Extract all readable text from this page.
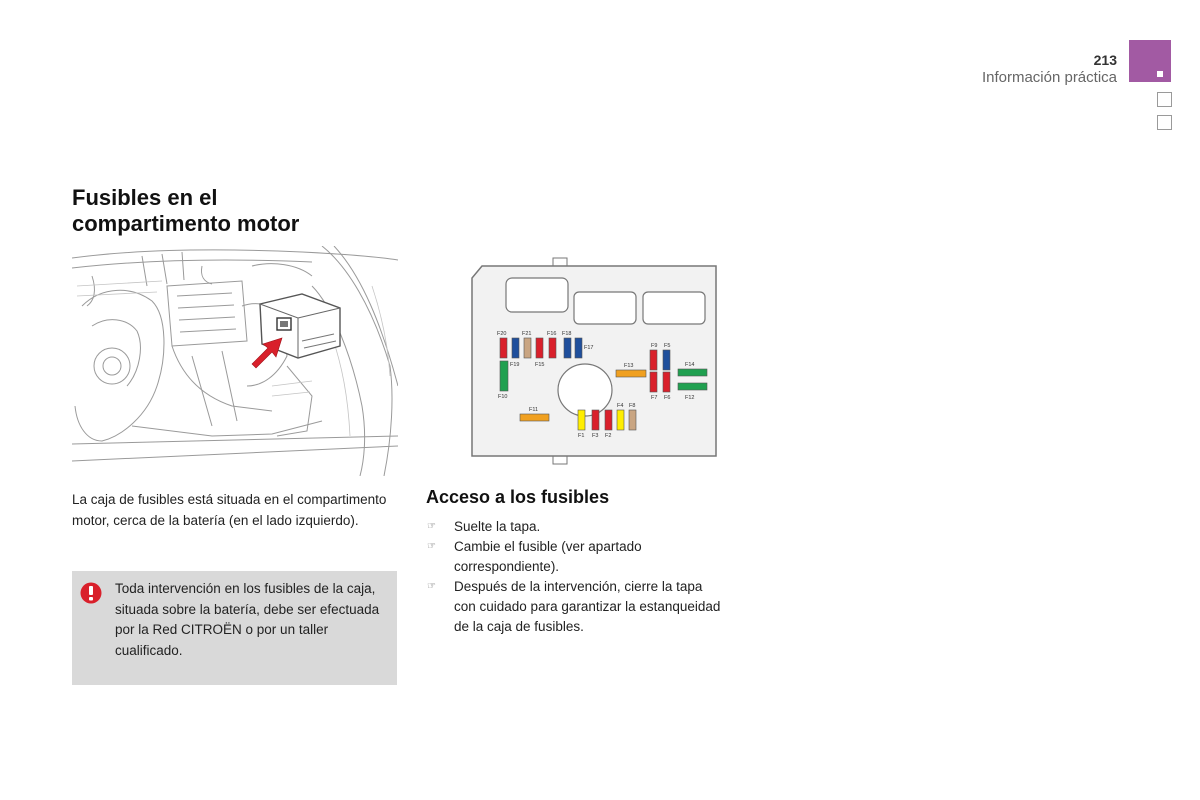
213
Información práctica
Fusibles en el
compartimento motor
F20
F19
F21	F16 F18
F15
F17
F13
F9 F5
F7 F6
F14
F12
F10
F11
F4 F8
F1 F3 F2
La caja de fusibles está situada en el compartimento motor, cerca de la batería (en el lado izquierdo).
Toda intervención en los fusibles de la caja, situada sobre la batería, debe ser efectuada por la Red CITROËN o por un taller cualificado.
Acceso a los fusibles
☞ Suelte la tapa.
☞ Cambie el fusible (ver apartado correspondiente).
☞ Después de la intervención, cierre la tapa con cuidado para garantizar la estanqueidad de la caja de fusibles.
